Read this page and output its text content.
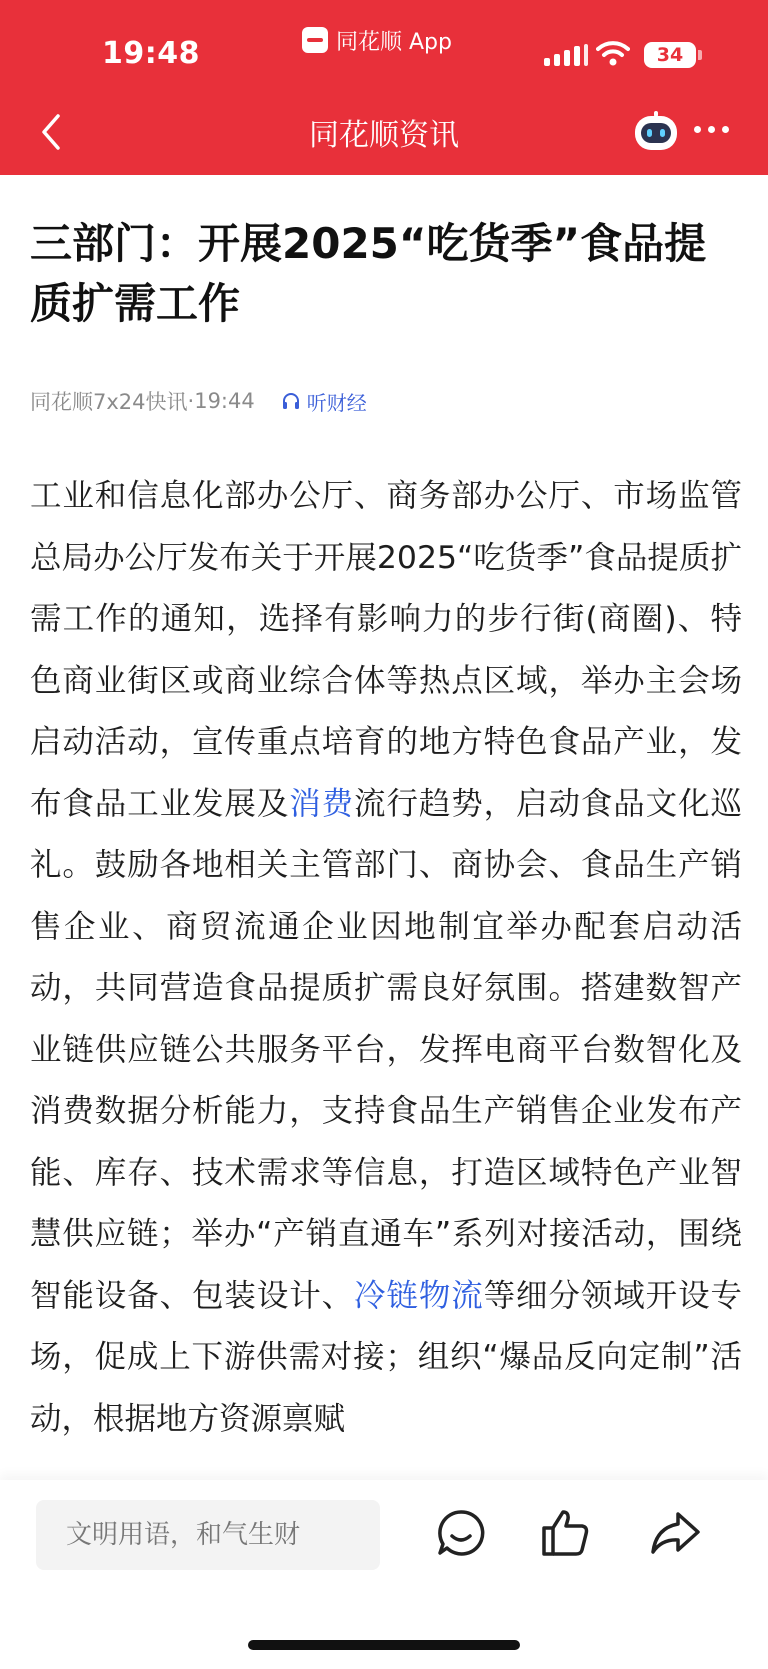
19:48	同花顺 App
34
同花顺资讯
三部门：开展2025“吃货季”食品提质扩需工作
同花顺7x24快讯 · 19:44	听财经
工业和信息化部办公厅、商务部办公厅、市场监管总局办公厅发布关于开展2025“吃货季”食品提质扩需工作的通知，选择有影响力的步行街(商圈)、特色商业街区或商业综合体等热点区域，举办主会场启动活动，宣传重点培育的地方特色食品产业，发布食品工业发展及消费流行趋势，启动食品文化巡礼。鼓励各地相关主管部门、商协会、食品生产销售企业、商贸流通企业因地制宜举办配套启动活动，共同营造食品提质扩需良好氛围。搭建数智产业链供应链公共服务平台，发挥电商平台数智化及消费数据分析能力，支持食品生产销售企业发布产能、库存、技术需求等信息，打造区域特色产业智慧供应链；举办“产销直通车”系列对接活动，围绕智能设备、包装设计、冷链物流等细分领域开设专场，促成上下游供需对接；组织“爆品反向定制”活动，根据地方资源禀赋
文明用语，和气生财
